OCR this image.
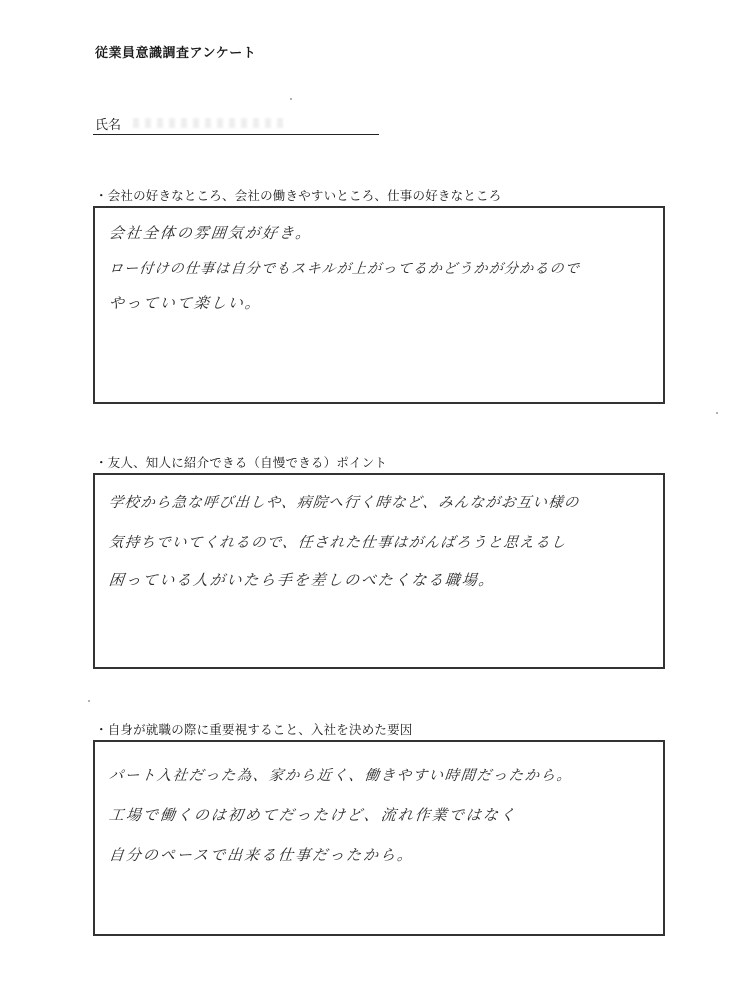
従業員意識調査アンケート
氏名
・会社の好きなところ、会社の働きやすいところ、仕事の好きなところ
会社全体の雰囲気が好き。
ロー付けの仕事は自分でもスキルが上がってるかどうかが分かるので
やっていて楽しい。
・友人、知人に紹介できる（自慢できる）ポイント
学校から急な呼び出しや、病院へ行く時など、みんながお互い様の
気持ちでいてくれるので、任された仕事はがんばろうと思えるし
困っている人がいたら手を差しのべたくなる職場。
・自身が就職の際に重要視すること、入社を決めた要因
パート入社だった為、家から近く、働きやすい時間だったから。
工場で働くのは初めてだったけど、流れ作業ではなく
自分のペースで出来る仕事だったから。
